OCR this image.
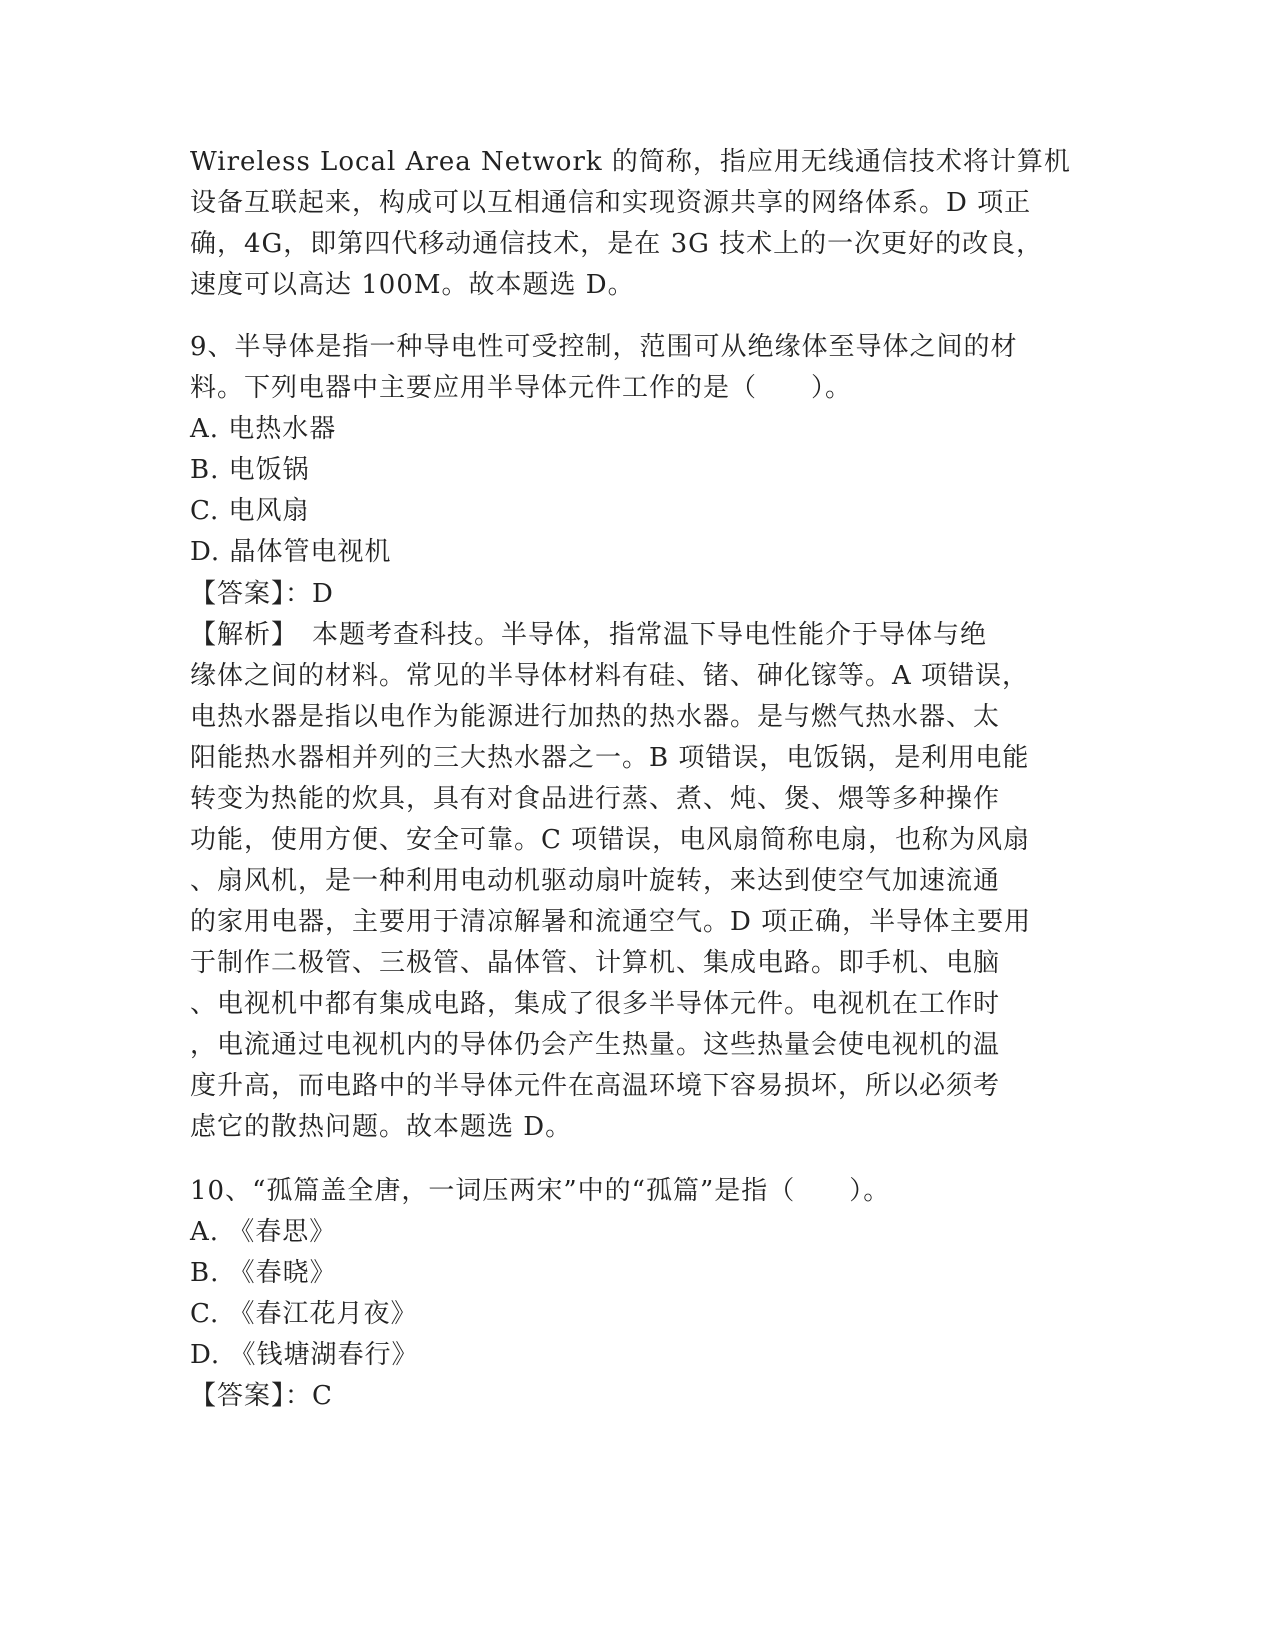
Wireless Local Area Network 的简称，指应用无线通信技术将计算机
设备互联起来，构成可以互相通信和实现资源共享的网络体系。D 项正
确，4G，即第四代移动通信技术，是在 3G 技术上的一次更好的改良，
速度可以高达 100M。故本题选 D。
9、半导体是指一种导电性可受控制，范围可从绝缘体至导体之间的材
料。下列电器中主要应用半导体元件工作的是（　　）。
A. 电热水器
B. 电饭锅
C. 电风扇
D. 晶体管电视机
【答案】：D
【解析】　本题考查科技。半导体，指常温下导电性能介于导体与绝
缘体之间的材料。常见的半导体材料有硅、锗、砷化镓等。A 项错误，
电热水器是指以电作为能源进行加热的热水器。是与燃气热水器、太
阳能热水器相并列的三大热水器之一。B 项错误，电饭锅，是利用电能
转变为热能的炊具，具有对食品进行蒸、煮、炖、煲、煨等多种操作
功能，使用方便、安全可靠。C 项错误，电风扇简称电扇，也称为风扇
、扇风机，是一种利用电动机驱动扇叶旋转，来达到使空气加速流通
的家用电器，主要用于清凉解暑和流通空气。D 项正确，半导体主要用
于制作二极管、三极管、晶体管、计算机、集成电路。即手机、电脑
、电视机中都有集成电路，集成了很多半导体元件。电视机在工作时
，电流通过电视机内的导体仍会产生热量。这些热量会使电视机的温
度升高，而电路中的半导体元件在高温环境下容易损坏，所以必须考
虑它的散热问题。故本题选 D。
10、“孤篇盖全唐，一词压两宋”中的“孤篇”是指（　　）。
A. 《春思》
B. 《春晓》
C. 《春江花月夜》
D. 《钱塘湖春行》
【答案】：C
